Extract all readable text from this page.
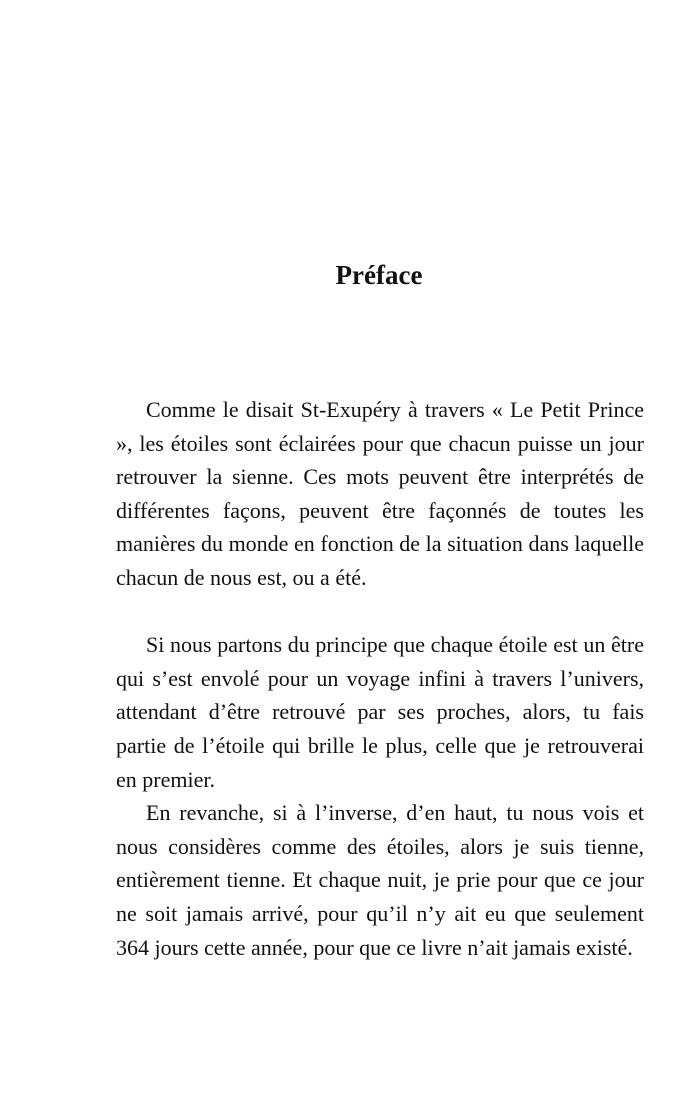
Préface

Comme le disait St-Exupéry à travers « Le Petit Prince », les étoiles sont éclairées pour que chacun puisse un jour retrouver la sienne. Ces mots peuvent être interprétés de différentes façons, peuvent être façonnés de toutes les manières du monde en fonction de la situation dans laquelle chacun de nous est, ou a été.

Si nous partons du principe que chaque étoile est un être qui s’est envolé pour un voyage infini à travers l’univers, attendant d’être retrouvé par ses proches, alors, tu fais partie de l’étoile qui brille le plus, celle que je retrouverai en premier.

En revanche, si à l’inverse, d’en haut, tu nous vois et nous considères comme des étoiles, alors je suis tienne, entièrement tienne. Et chaque nuit, je prie pour que ce jour ne soit jamais arrivé, pour qu’il n’y ait eu que seulement 364 jours cette année, pour que ce livre n’ait jamais existé.
